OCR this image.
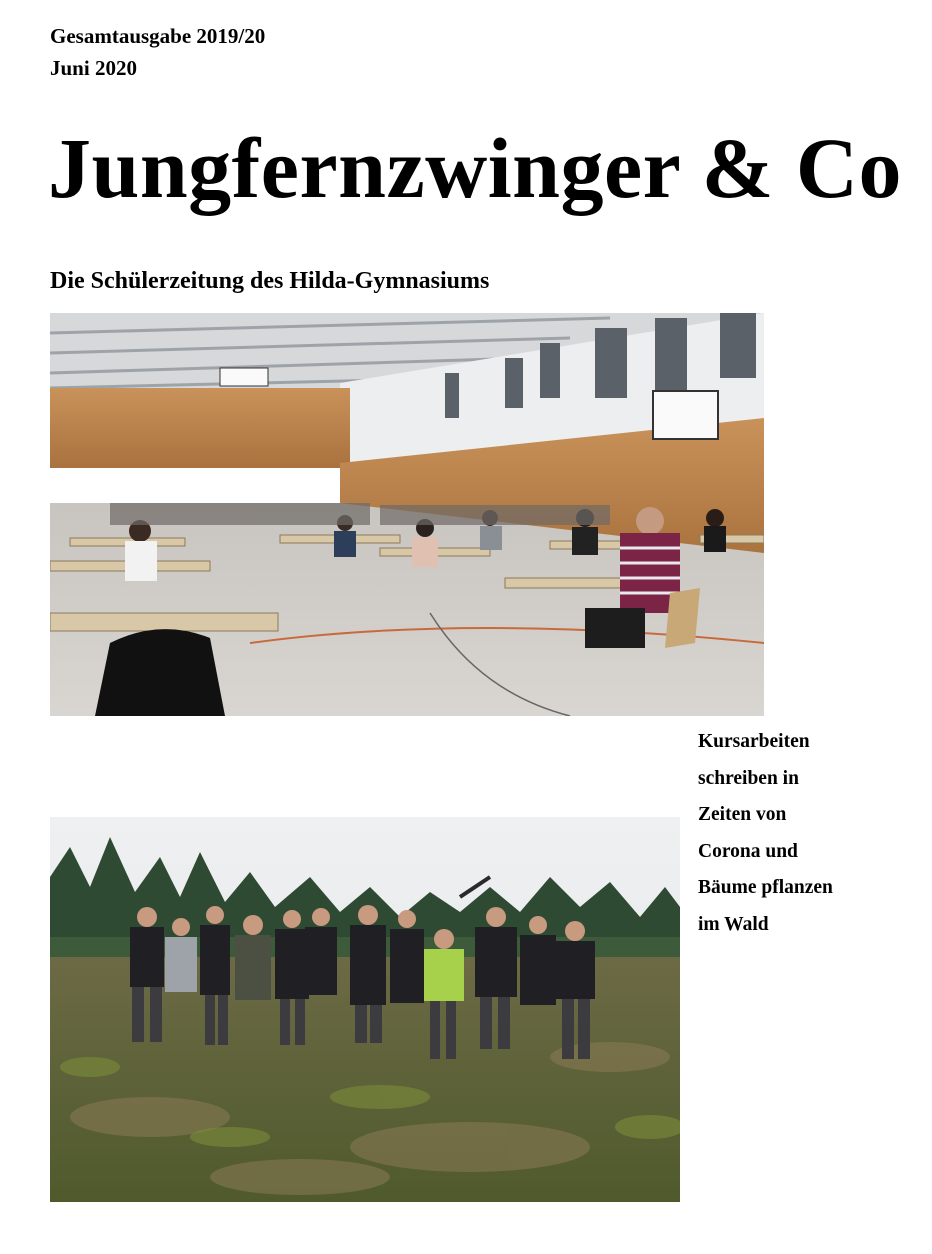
Gesamtausgabe 2019/20
Juni 2020
Jungfernzwinger & Co
Die Schülerzeitung des Hilda-Gymnasiums
Kursarbeiten
schreiben in
Zeiten von
Corona und
Bäume pflanzen
im Wald
